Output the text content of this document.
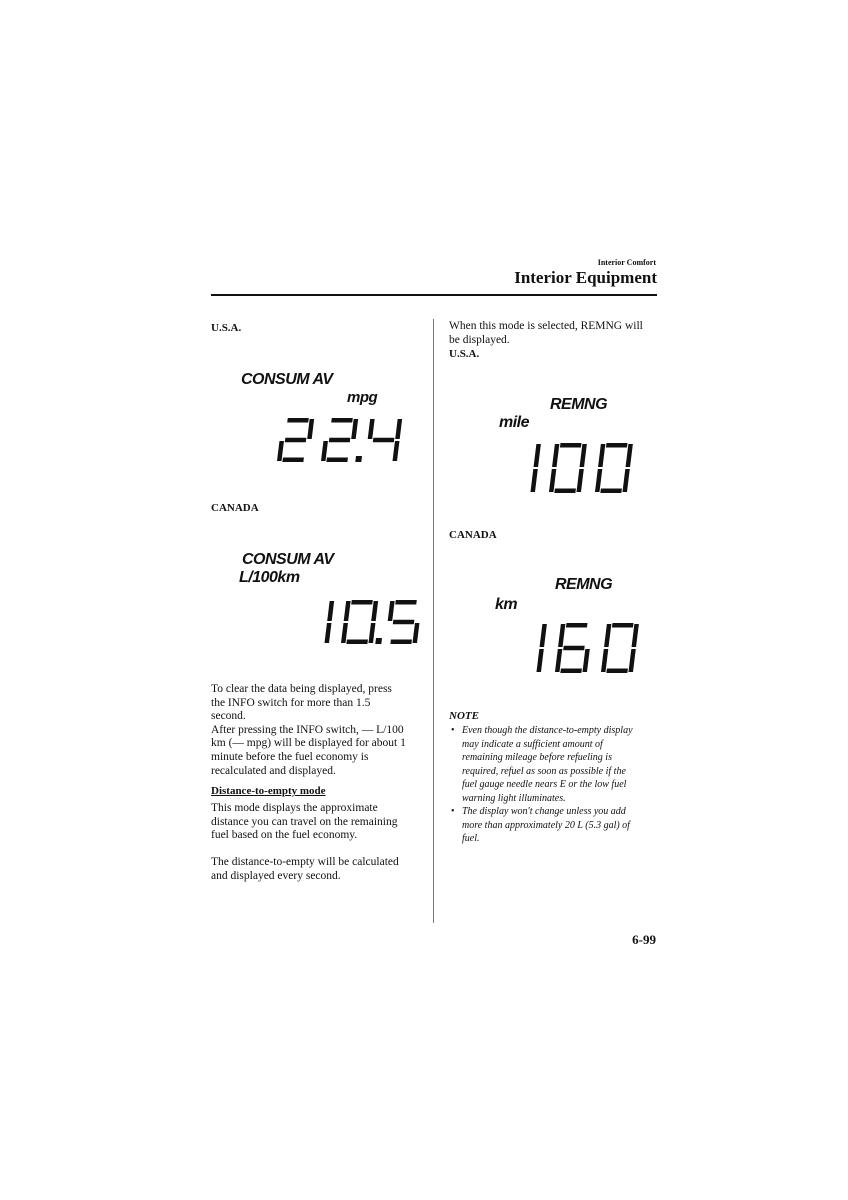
Interior Comfort
Interior Equipment
U.S.A.
CONSUM AV
mpg
CANADA
CONSUM AV
L/100km
To clear the data being displayed, press
the INFO switch for more than 1.5
second.
After pressing the INFO switch, — L/100
km (— mpg) will be displayed for about 1
minute before the fuel economy is
recalculated and displayed.
Distance-to-empty mode
This mode displays the approximate
distance you can travel on the remaining
fuel based on the fuel economy.
The distance-to-empty will be calculated
and displayed every second.
When this mode is selected, REMNG will
be displayed.
U.S.A.
REMNG
mile
CANADA
REMNG
km
NOTE
• Even though the distance-to-empty display
may indicate a sufficient amount of
remaining mileage before refueling is
required, refuel as soon as possible if the
fuel gauge needle nears E or the low fuel
warning light illuminates.
• The display won't change unless you add
more than approximately 20 L (5.3 gal) of
fuel.
6-99
